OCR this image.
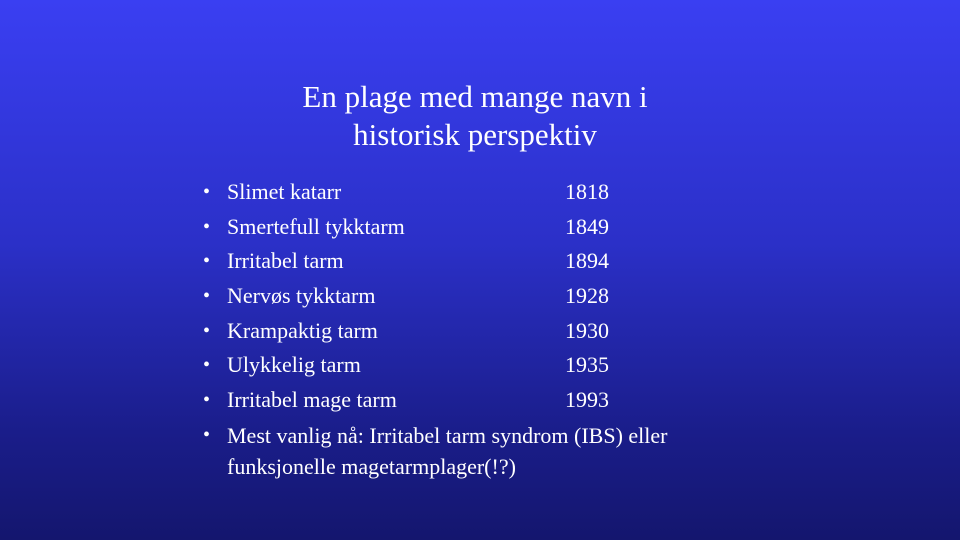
En plage med mange navn i
historisk perspektiv
• Slimet katarr	1818
• Smertefull tykktarm	1849
• Irritabel tarm	1894
• Nervøs tykktarm	1928
• Krampaktig tarm	1930
• Ulykkelig tarm	1935
• Irritabel mage tarm	1993
• Mest vanlig nå: Irritabel tarm syndrom (IBS) eller
funksjonelle magetarmplager(!?)
